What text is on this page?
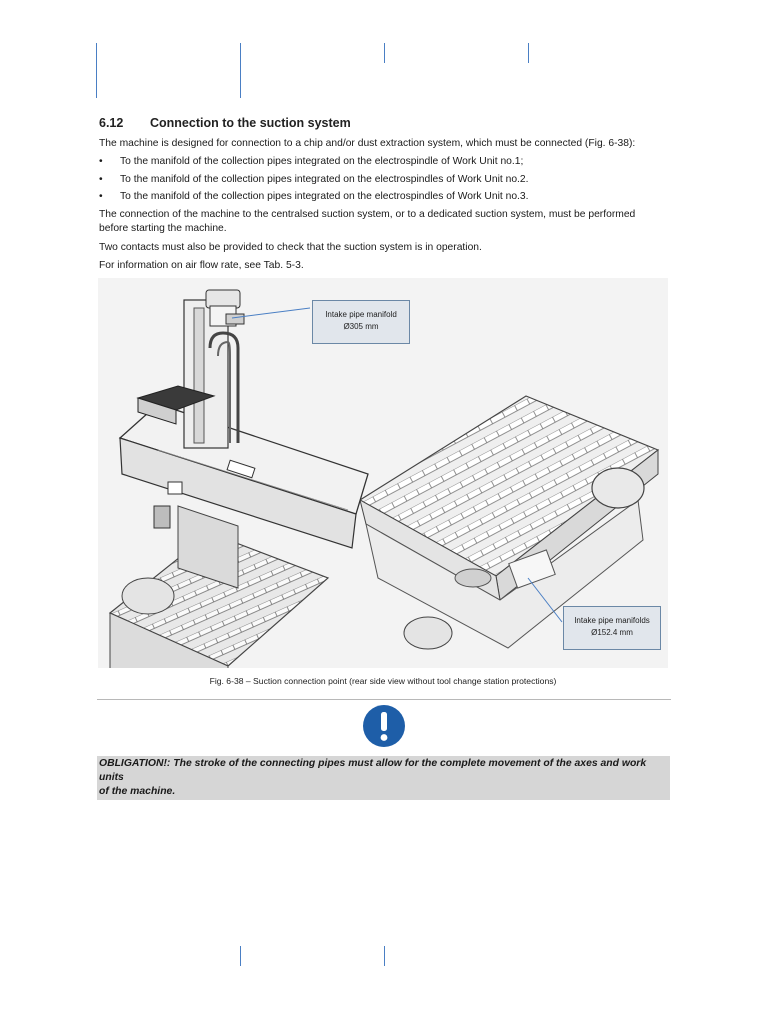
6.12 Connection to the suction system
The machine is designed for connection to a chip and/or dust extraction system, which must be connected (Fig. 6-38):
• To the manifold of the collection pipes integrated on the electrospindle of Work Unit no.1;
• To the manifold of the collection pipes integrated on the electrospindles of Work Unit no.2.
• To the manifold of the collection pipes integrated on the electrospindles of Work Unit no.3.
The connection of the machine to the centralsed suction system, or to a dedicated suction system, must be performed
before starting the machine.
Two contacts must also be provided to check that the suction system is in operation.
For information on air flow rate, see Tab. 5-3.
Intake pipe manifold
Ø305 mm
Intake pipe manifolds
Ø152.4 mm
Fig. 6-38 – Suction connection point (rear side view without tool change station protections)
OBLIGATION!: The stroke of the connecting pipes must allow for the complete movement of the axes and work units
of the machine.
